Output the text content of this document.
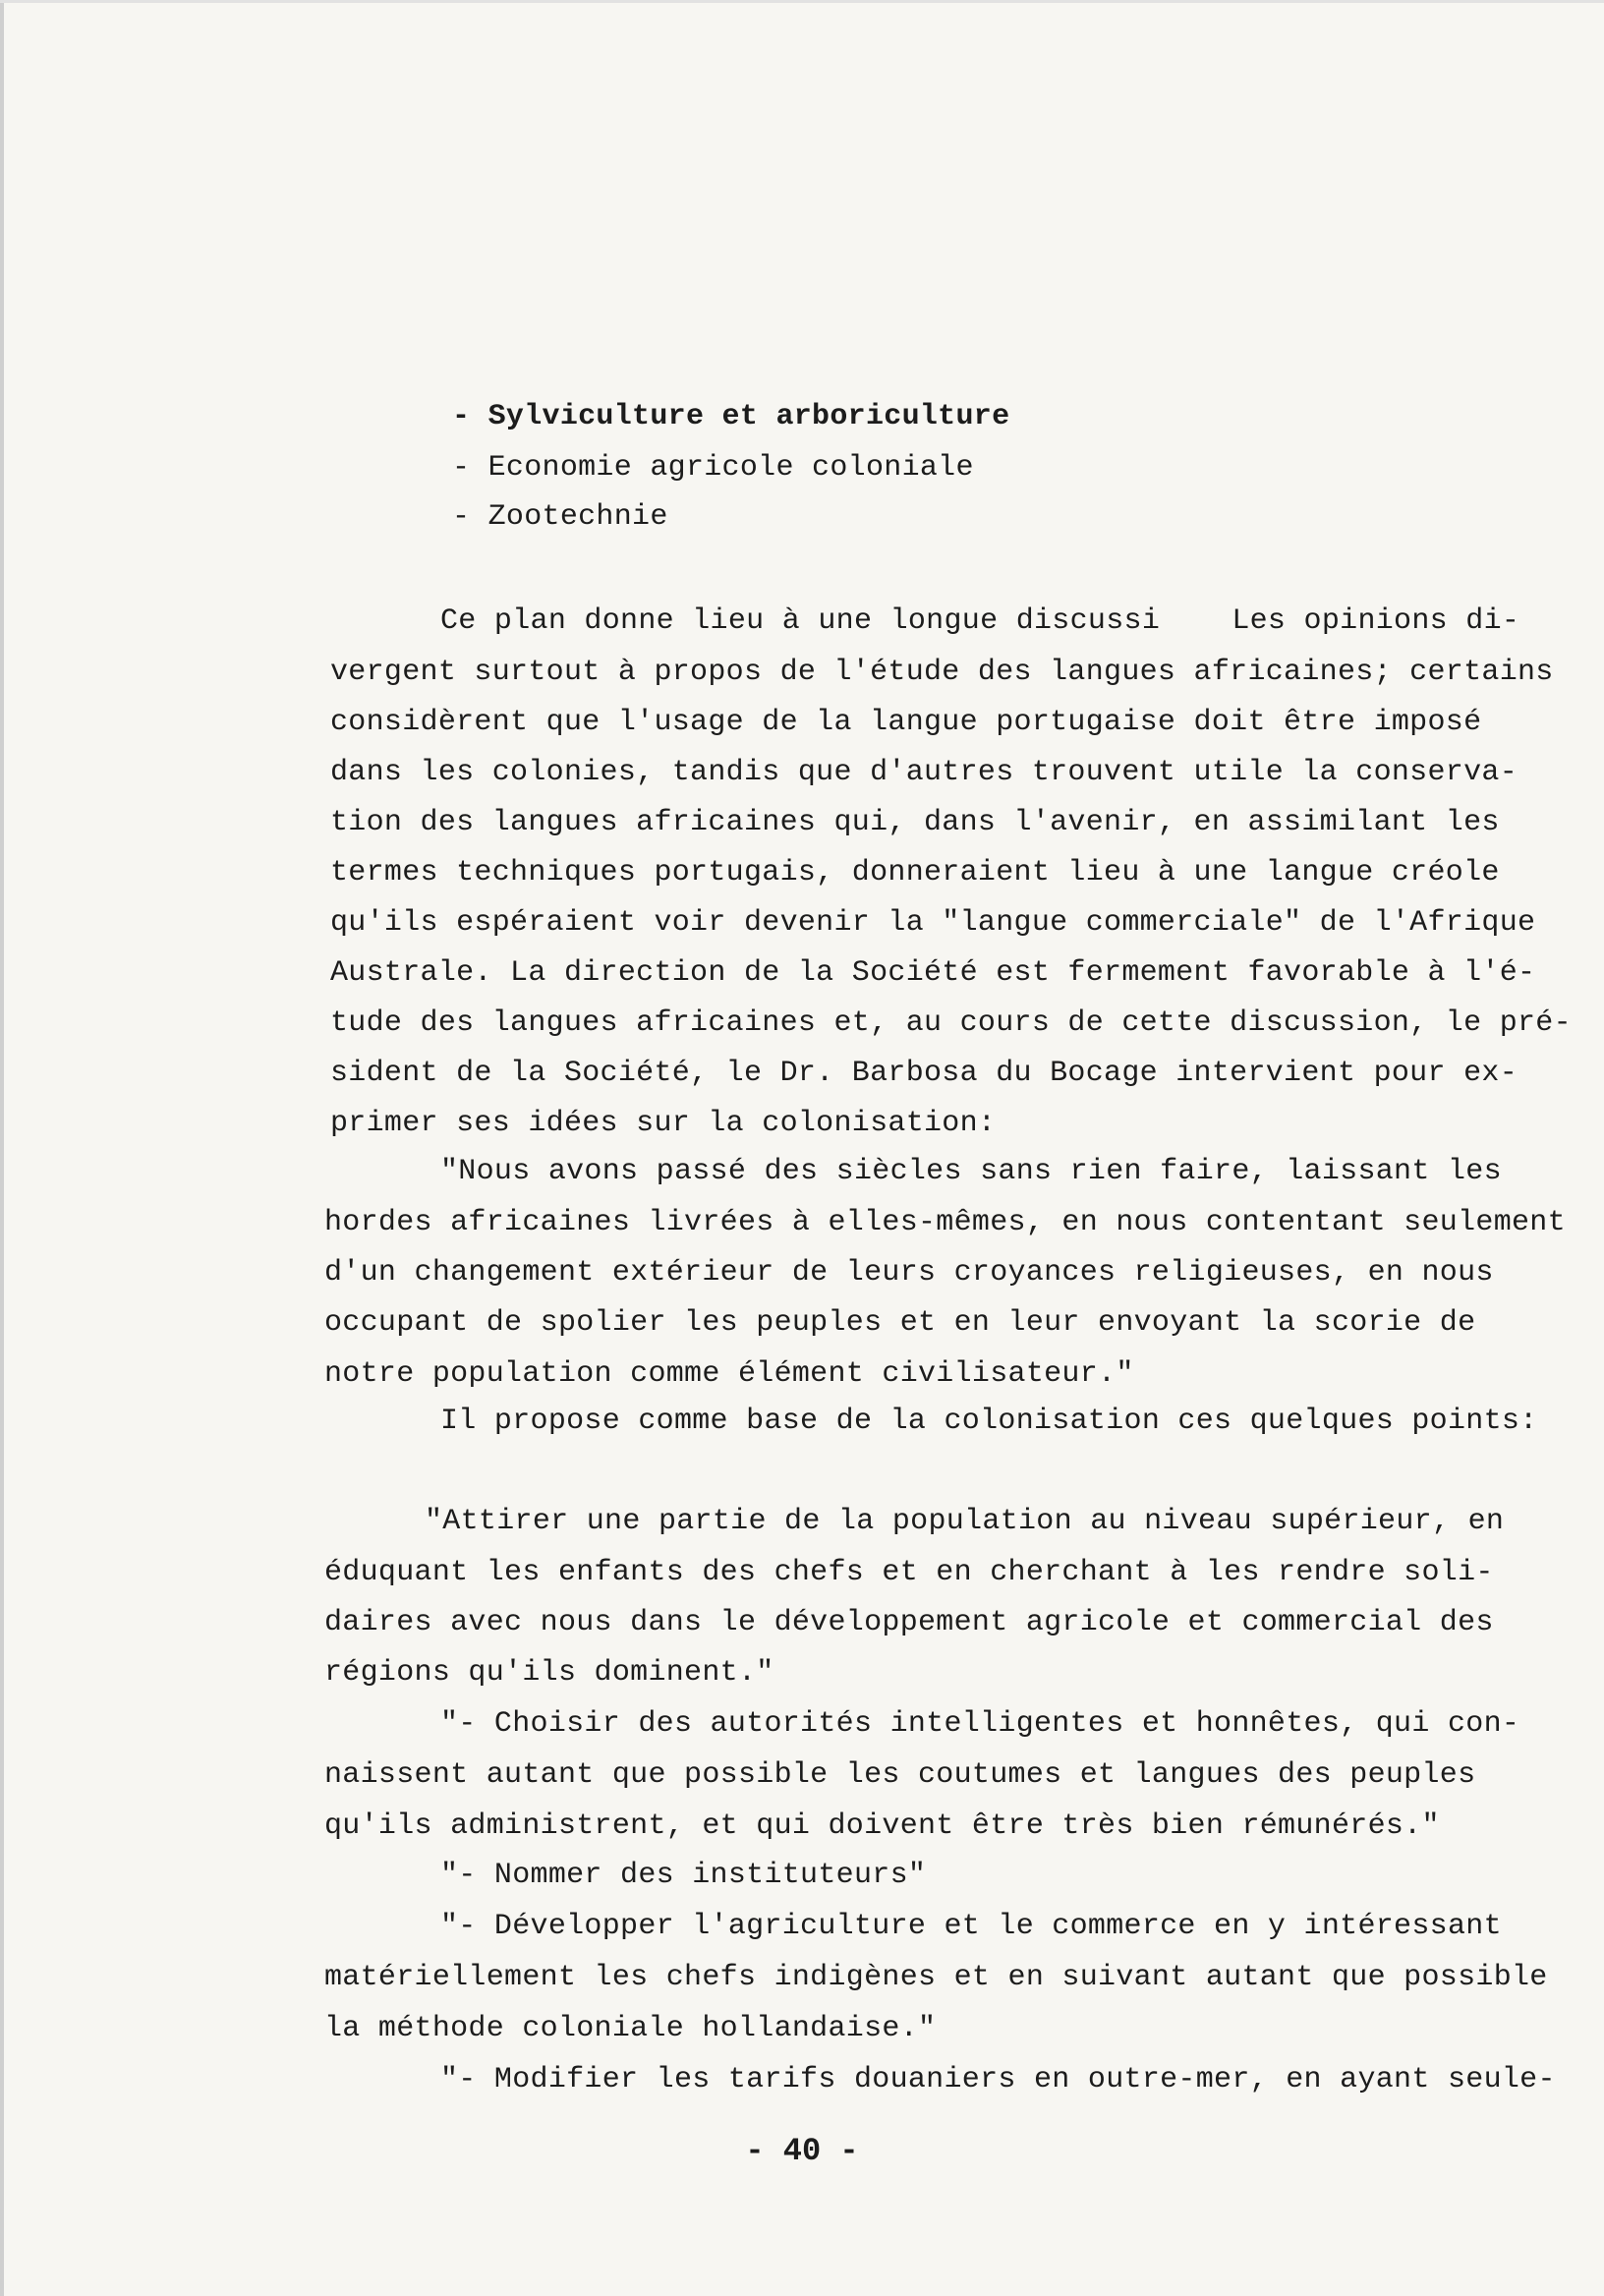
- Sylviculture et arboriculture
- Economie agricole coloniale
- Zootechnie
Ce plan donne lieu à une longue discussi    Les opinions di-
vergent surtout à propos de l'étude des langues africaines; certains
considèrent que l'usage de la langue portugaise doit être imposé
dans les colonies, tandis que d'autres trouvent utile la conserva-
tion des langues africaines qui, dans l'avenir, en assimilant les
termes techniques portugais, donneraient lieu à une langue créole
qu'ils espéraient voir devenir la "langue commerciale" de l'Afrique
Australe. La direction de la Société est fermement favorable à l'é-
tude des langues africaines et, au cours de cette discussion, le pré-
sident de la Société, le Dr. Barbosa du Bocage intervient pour ex-
primer ses idées sur la colonisation:
"Nous avons passé des siècles sans rien faire, laissant les
hordes africaines livrées à elles-mêmes, en nous contentant seulement
d'un changement extérieur de leurs croyances religieuses, en nous
occupant de spolier les peuples et en leur envoyant la scorie de
notre population comme élément civilisateur."
Il propose comme base de la colonisation ces quelques points:
"Attirer une partie de la population au niveau supérieur, en
éduquant les enfants des chefs et en cherchant à les rendre soli-
daires avec nous dans le développement agricole et commercial des
régions qu'ils dominent."
"- Choisir des autorités intelligentes et honnêtes, qui con-
naissent autant que possible les coutumes et langues des peuples
qu'ils administrent, et qui doivent être très bien rémunérés."
"- Nommer des instituteurs"
"- Développer l'agriculture et le commerce en y intéressant
matériellement les chefs indigènes et en suivant autant que possible
la méthode coloniale hollandaise."
"- Modifier les tarifs douaniers en outre-mer, en ayant seule-
- 40 -
